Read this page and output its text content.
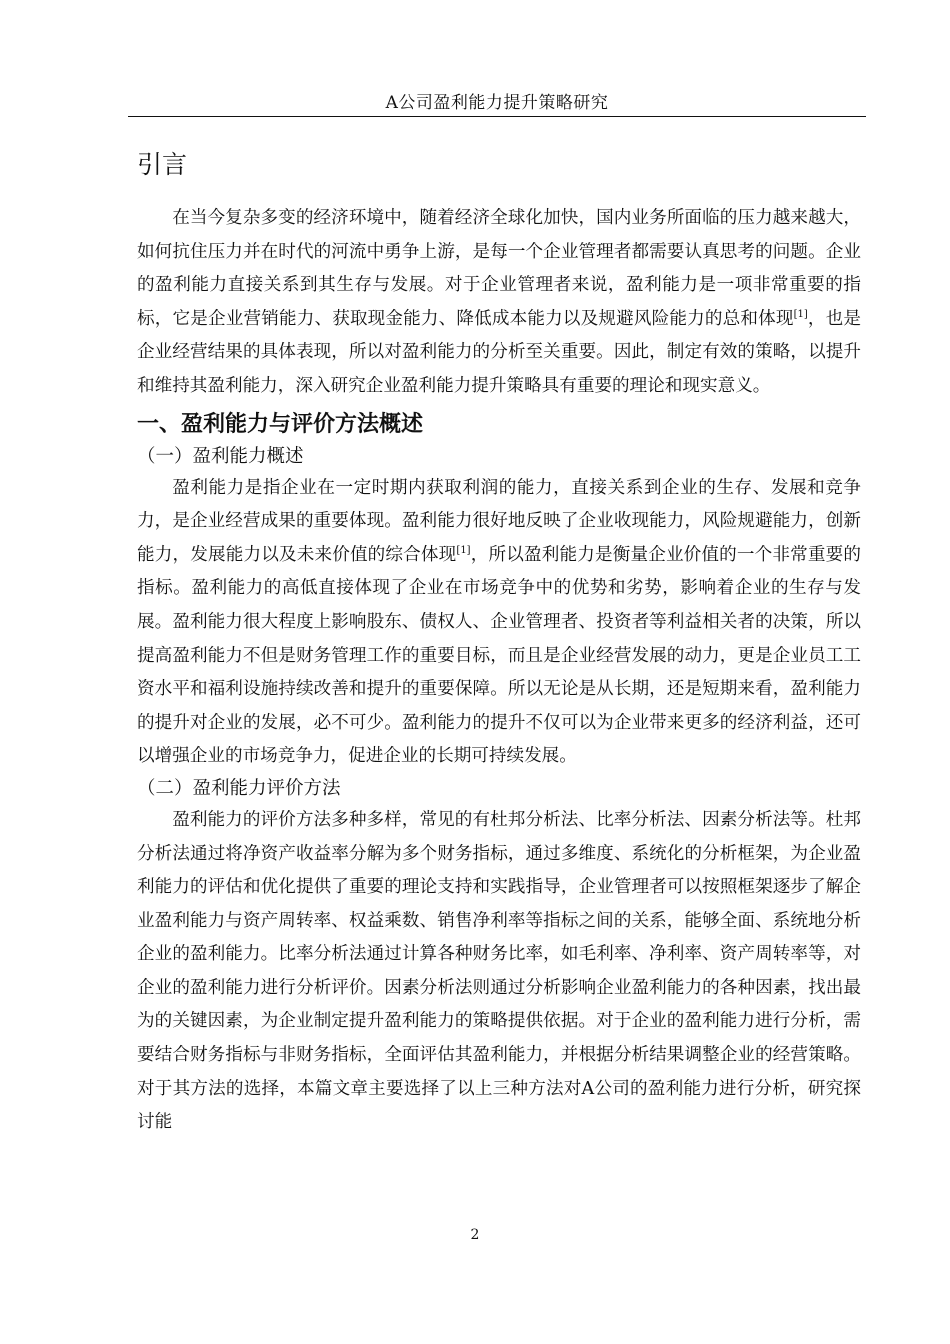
A公司盈利能力提升策略研究
引言

在当今复杂多变的经济环境中，随着经济全球化加快，国内业务所面临的压力越来越大，如何抗住压力并在时代的河流中勇争上游，是每一个企业管理者都需要认真思考的问题。企业的盈利能力直接关系到其生存与发展。对于企业管理者来说，盈利能力是一项非常重要的指标，它是企业营销能力、获取现金能力、降低成本能力以及规避风险能力的总和体现[1]，也是企业经营结果的具体表现，所以对盈利能力的分析至关重要。因此，制定有效的策略，以提升和维持其盈利能力，深入研究企业盈利能力提升策略具有重要的理论和现实意义。

一、盈利能力与评价方法概述
（一）盈利能力概述

盈利能力是指企业在一定时期内获取利润的能力，直接关系到企业的生存、发展和竞争力，是企业经营成果的重要体现。盈利能力很好地反映了企业收现能力，风险规避能力，创新能力，发展能力以及未来价值的综合体现[1]，所以盈利能力是衡量企业价值的一个非常重要的指标。盈利能力的高低直接体现了企业在市场竞争中的优势和劣势，影响着企业的生存与发展。盈利能力很大程度上影响股东、债权人、企业管理者、投资者等利益相关者的决策，所以提高盈利能力不但是财务管理工作的重要目标，而且是企业经营发展的动力，更是企业员工工资水平和福利设施持续改善和提升的重要保障。所以无论是从长期，还是短期来看，盈利能力的提升对企业的发展，必不可少。盈利能力的提升不仅可以为企业带来更多的经济利益，还可以增强企业的市场竞争力，促进企业的长期可持续发展。

（二）盈利能力评价方法

盈利能力的评价方法多种多样，常见的有杜邦分析法、比率分析法、因素分析法等。杜邦分析法通过将净资产收益率分解为多个财务指标，通过多维度、系统化的分析框架，为企业盈利能力的评估和优化提供了重要的理论支持和实践指导，企业管理者可以按照框架逐步了解企业盈利能力与资产周转率、权益乘数、销售净利率等指标之间的关系，能够全面、系统地分析企业的盈利能力。比率分析法通过计算各种财务比率，如毛利率、净利率、资产周转率等，对企业的盈利能力进行分析评价。因素分析法则通过分析影响企业盈利能力的各种因素，找出最为的关键因素，为企业制定提升盈利能力的策略提供依据。对于企业的盈利能力进行分析，需要结合财务指标与非财务指标，全面评估其盈利能力，并根据分析结果调整企业的经营策略。对于其方法的选择，本篇文章主要选择了以上三种方法对A公司的盈利能力进行分析，研究探讨能

2
